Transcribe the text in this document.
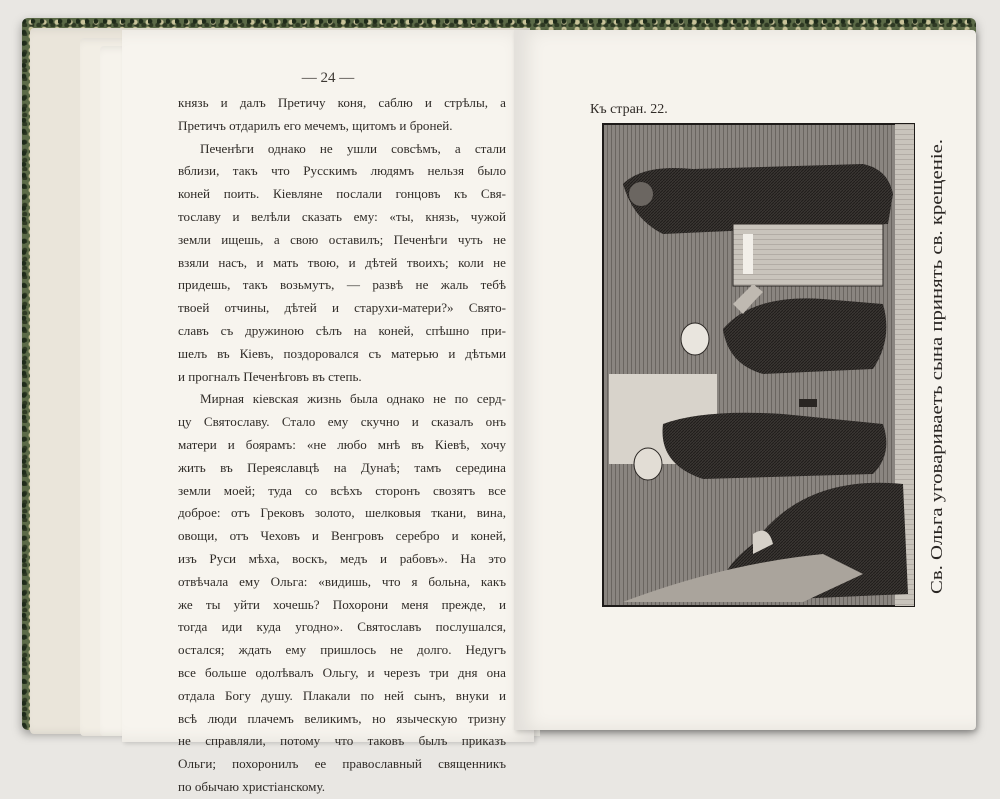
— 24 —
князь и далъ Претичу коня, саблю и стрѣлы, а
Претичъ отдарилъ его мечемъ, щитомъ и броней.
Печенѣги однако не ушли совсѣмъ, а стали
вблизи, такъ что Русскимъ людямъ нельзя было
коней поить. Кіевляне послали гонцовъ къ Свя-
тославу и велѣли сказать ему: «ты, князь, чужой
земли ищешь, а свою оставилъ; Печенѣги чуть не
взяли насъ, и мать твою, и дѣтей твоихъ; коли не
придешь, такъ возьмутъ, — развѣ не жаль тебѣ
твоей отчины, дѣтей и старухи-матери?» Свято-
славъ съ дружиною сѣлъ на коней, спѣшно при-
шелъ въ Кіевъ, поздоровался съ матерью и дѣтьми
и прогналъ Печенѣговъ въ степь.
Мирная кіевская жизнь была однако не по серд-
цу Святославу. Стало ему скучно и сказалъ онъ
матери и боярамъ: «не любо мнѣ въ Кіевѣ, хочу
жить въ Переяславцѣ на Дунаѣ; тамъ середина
земли моей; туда со всѣхъ сторонъ свозятъ все
доброе: отъ Грековъ золото, шелковыя ткани, вина,
овощи, отъ Чеховъ и Венгровъ серебро и коней,
изъ Руси мѣха, воскъ, медъ и рабовъ». На это
отвѣчала ему Ольга: «видишь, что я больна, какъ
же ты уйти хочешь? Похорони меня прежде, и
тогда иди куда угодно». Святославъ послушался,
остался; ждать ему пришлось не долго. Недугъ
все больше одолѣвалъ Ольгу, и черезъ три дня она
отдала Богу душу. Плакали по ней сынъ, внуки и
всѣ люди плачемъ великимъ, но языческую тризну
не справляли, потому что таковъ былъ приказъ
Ольги; похоронилъ ее православный священникъ
по обычаю христіанскому.
Къ стран. 22.
Св. Ольга уговариваетъ сына принять св. крещеніе.
